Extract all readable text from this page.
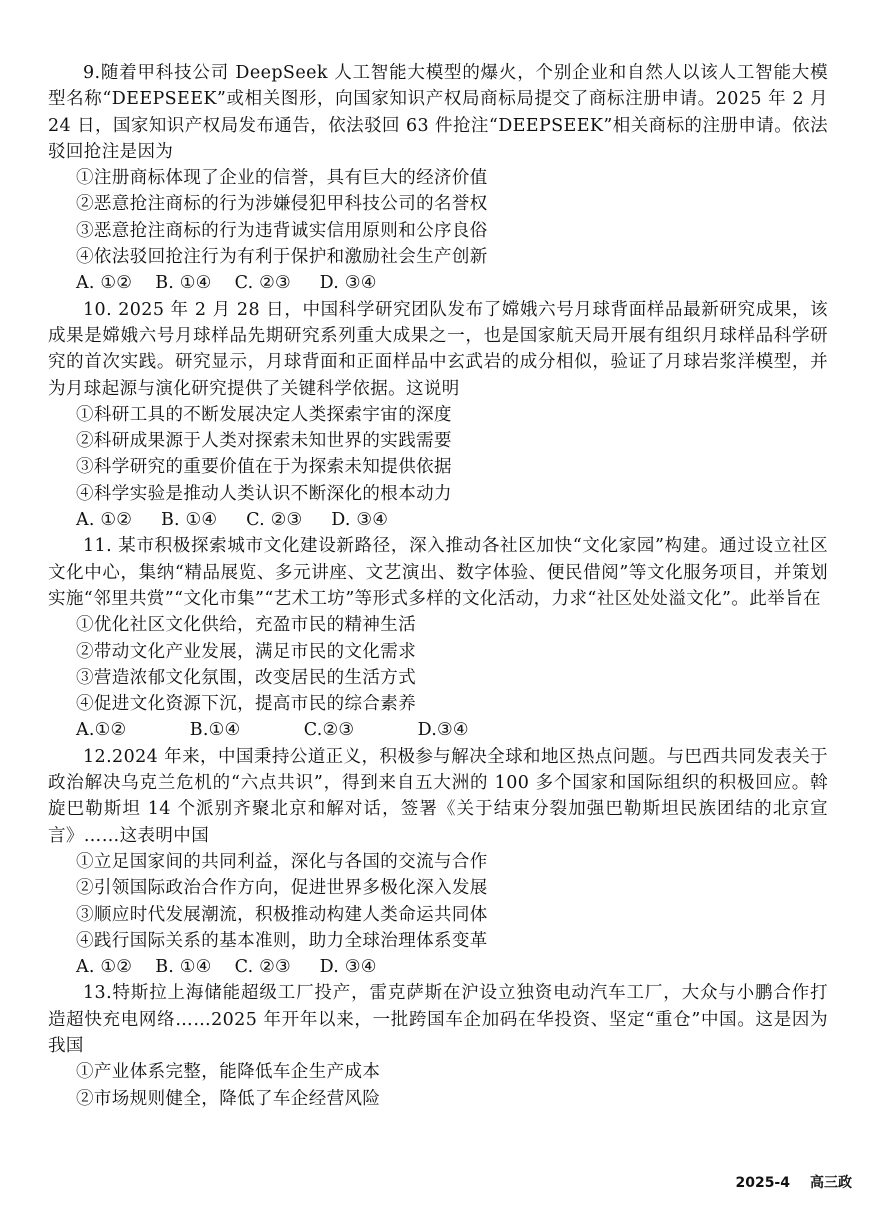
9.随着甲科技公司 DeepSeek 人工智能大模型的爆火，个别企业和自然人以该人工智能大模型名称“DEEPSEEK”或相关图形，向国家知识产权局商标局提交了商标注册申请。2025 年 2 月 24 日，国家知识产权局发布通告，依法驳回 63 件抢注“DEEPSEEK”相关商标的注册申请。依法驳回抢注是因为

①注册商标体现了企业的信誉，具有巨大的经济价值

②恶意抢注商标的行为涉嫌侵犯甲科技公司的名誉权

③恶意抢注商标的行为违背诚实信用原则和公序良俗

④依法驳回抢注行为有利于保护和激励社会生产创新

A. ①②    B. ①④    C. ②③     D. ③④

10. 2025 年 2 月 28 日，中国科学研究团队发布了嫦娥六号月球背面样品最新研究成果，该成果是嫦娥六号月球样品先期研究系列重大成果之一，也是国家航天局开展有组织月球样品科学研究的首次实践。研究显示，月球背面和正面样品中玄武岩的成分相似，验证了月球岩浆洋模型，并为月球起源与演化研究提供了关键科学依据。这说明

①科研工具的不断发展决定人类探索宇宙的深度

②科研成果源于人类对探索未知世界的实践需要

③科学研究的重要价值在于为探索未知提供依据

④科学实验是推动人类认识不断深化的根本动力

A. ①②     B. ①④     C. ②③     D. ③④

11. 某市积极探索城市文化建设新路径，深入推动各社区加快“文化家园”构建。通过设立社区文化中心，集纳“精品展览、多元讲座、文艺演出、数字体验、便民借阅”等文化服务项目，并策划实施“邻里共赏”“文化市集”“艺术工坊”等形式多样的文化活动，力求“社区处处溢文化”。此举旨在

①优化社区文化供给，充盈市民的精神生活

②带动文化产业发展，满足市民的文化需求

③营造浓郁文化氛围，改变居民的生活方式

④促进文化资源下沉，提高市民的综合素养

A.①②           B.①④           C.②③           D.③④

12.2024 年来，中国秉持公道正义，积极参与解决全球和地区热点问题。与巴西共同发表关于政治解决乌克兰危机的“六点共识”，得到来自五大洲的 100 多个国家和国际组织的积极回应。斡旋巴勒斯坦 14 个派别齐聚北京和解对话，签署《关于结束分裂加强巴勒斯坦民族团结的北京宣言》……这表明中国

①立足国家间的共同利益，深化与各国的交流与合作

②引领国际政治合作方向，促进世界多极化深入发展

③顺应时代发展潮流，积极推动构建人类命运共同体

④践行国际关系的基本准则，助力全球治理体系变革

A. ①②    B. ①④    C. ②③     D. ③④

13.特斯拉上海储能超级工厂投产，雷克萨斯在沪设立独资电动汽车工厂，大众与小鹏合作打造超快充电网络……2025 年开年以来，一批跨国车企加码在华投资、坚定“重仓”中国。这是因为我国

①产业体系完整，能降低车企生产成本

②市场规则健全，降低了车企经营风险

2025-4 高三政
